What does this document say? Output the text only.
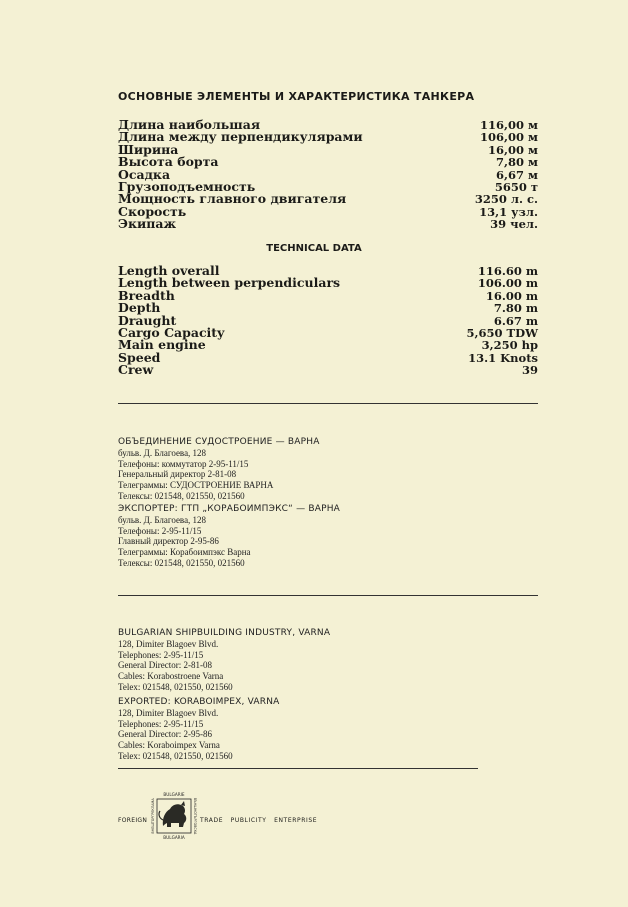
ОСНОВНЫЕ ЭЛЕМЕНТЫ И ХАРАКТЕРИСТИКА ТАНКЕРА
Длина наибольшая	116,00 м
Длина между перпендикулярами	106,00 м
Ширина	16,00 м
Высота борта	7,80 м
Осадка	6,67 м
Грузоподъемность	5650 т
Мощность главного двигателя	3250 л. с.
Скорость	13,1 узл.
Экипаж	39 чел.
TECHNICAL DATA
Length overall	116.60 m
Length between perpendiculars	106.00 m
Breadth	16.00 m
Depth	7.80 m
Draught	6.67 m
Cargo Capacity	5,650 TDW
Main engine	3,250 hp
Speed	13.1 Knots
Crew	39
ОБЪЕДИНЕНИЕ СУДОСТРОЕНИЕ — ВАРНА
бульв. Д. Благоева, 128
Телефоны: коммутатор 2-95-11/15
Генеральный директор 2-81-08
Телеграммы: СУДОСТРОЕНИЕ ВАРНА
Телексы: 021548, 021550, 021560
ЭКСПОРТЕР: ГТП „КОРАБОИМПЭКС“ — ВАРНА
бульв. Д. Благоева, 128
Телефоны: 2-95-11/15
Главный директор 2-95-86
Телеграммы: Корабоимпэкс Варна
Телексы: 021548, 021550, 021560
BULGARIAN SHIPBUILDING INDUSTRY, VARNA
128, Dimiter Blagoev Blvd.
Telephones: 2-95-11/15
General Director: 2-81-08
Cables: Korabostroene Varna
Telex: 021548, 021550, 021560
EXPORTED: KORABOIMPEX, VARNA
128, Dimiter Blagoev Blvd.
Telephones: 2-95-11/15
General Director: 2-95-86
Cables: Koraboimpex Varna
Telex: 021548, 021550, 021560
FOREIGN
BULGARIE
BULGARIA
ВНЕШТОРГРЕКЛАМА	ВЪНШНОТЪРГОВСКА TRADE   PUBLICITY   ENTERPRISE
